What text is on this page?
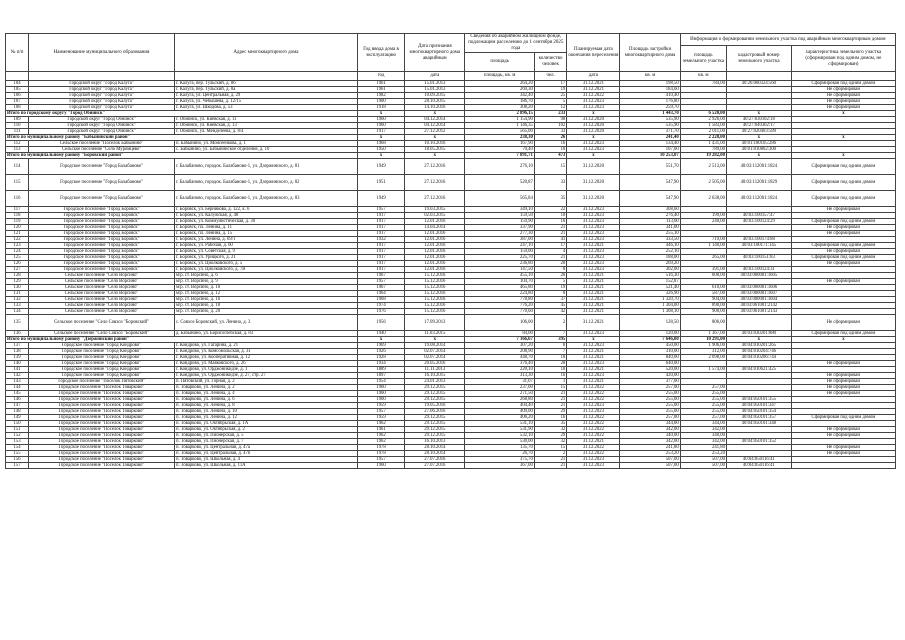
№ п/п	Наименование муниципального образования	Адрес многоквартирного дома	Год ввода дома в эксплуатацию	Дата признания многоквартирного дома аварийным	Сведения об аварийном жилищном фонде, подлежащем расселению до 1 сентября 2025 года		Планируемая дата окончания переселения	Площадь застройки многоквартирного дома	Информация о формировании земельного участка под аварийным многоквартирным домом		
									площадь земельного участка	кадастровый номер земельного участка	характеристика земельного участка (сформирован под одним домом, не сформирован)
					площадь	количество человек					
			год	дата	площадь, кв. м	чел.	дата	кв. м	кв. м		
104	Городской округ "Город Калуга"	г. Калуга, пер. Тульский, д. 8б	1961	15.01.2013	264,20	17	31.12.2021	198,50	784,00	40:26:000324:560	Сформирован под одним домом
105	Городской округ "Город Калуга"	г. Калуга, пер. Тульский, д. 8а	1961	15.01.2013	269,30	19	31.12.2021	184,60			Не сформирован
106	Городской округ "Город Калуга"	г. Калуга, ул. Центральная, д. 29	1982	10.09.2015	342,40	25	31.12.2022	410,40			Не сформирован
107	Городской округ "Город Калуга"	г. Калуга, ул. Чебышева, д. 12/15	1900	28.10.2015	186,70	5	31.12.2023	176,80			Не сформирован
108	Городской округ "Город Калуга"	г. Калуга, ул. Шкодова, д. 53	1918	14.10.2016	308,20	12	31.12.2023	259,70			Не сформирован
Итого по городскому округу "Город Обнинск"			х	х	2 896,15	233	х	1 443,70	6 520,00	х	х
109	Городской округ "Город Обнинск"	г. Обнинск, ул. Киевская, д. 11	1960	04.12.2014	1 154,90	98	31.12.2020	535,90	2 926,00	40:27:030102:18	
110	Городской округ "Город Обнинск"	г. Обнинск, ул. Киевская, д. 13	1960	04.12.2014	1 146,35	102	31.12.2020	535,90	1 583,00	40:27:040302:17	
111	Городской округ "Город Обнинск"	г. Обнинск, ул. Менделеева, д. 8/4	1917	27.12.2012	565,00	33	31.12.2020	371,70	2 011,00	40:27:020403:589	
Итого по муниципальному району "Бабынинский район"			х	х	238,30	26	х	241,40	2 220,00	х	х
112	Сельское поселение "Поселок Бабынино"	п. Бабынино, ул. Моисеенкова, д. 1	1968	10.10.2016	167,90	16	31.12.2023	134,40	1 431,00	40:01:180105:286	
113	Сельское поселение "Село Муромцево"	с. Бабынино, ул. Бабынинское отделение, д. 10	1950	18.05.2015	70,40	10	31.12.2023	107,00	789,00	40:01:010802:300	
Итого по муниципальному району "Боровский район"			х	х	7 891,71	473	х	10 253,07	19 282,00	х	х
114	Городское поселение "Город Балабаново"	г. Балабаново, городок. Балабаново-1, ул. Дзержинского, д. 81	1949	27.12.2016	276,10	15	31.12.2020	551,70	2 513,00	40:03:112001:1824	Сформирован под одним домом
115	Городское поселение "Город Балабаново"	г. Балабаново, городок. Балабаново-1, ул. Дзержинского, д. 82	1951	27.12.2016	520,87	33	31.12.2020	547,90	2 505,00	40:03:112001:1829	Сформирован под одним домом
116	Городское поселение "Город Балабаново"	г. Балабаново, городок. Балабаново-1, ул. Дзержинского, д. 83	1949	27.12.2016	565,84	35	31.12.2020	547,90	2 638,00	40:03:112001:1824	Сформирован под одним домом
117	Городское поселение "Город Боровск"	г. Боровск, ул. Берникова, д. 122, к. 6	1957	19.03.2015	349,10	22	31.12.2023	308,60			Не сформирован
118	Городское поселение "Город Боровск"	г. Боровск, ул. Калужская, д. 48	1917	02.03.2015	159,50	10	31.12.2023	276,40	199,00	40:03:100157:47	
119	Городское поселение "Город Боровск"	г. Боровск, ул. Коммунистическая, д. 30	1917	12.01.2016	159,90	16	31.12.2023	113,60	240,00	40:03:100124:29	Сформирован под одним домом
120	Городское поселение "Город Боровск"	г. Боровск, пл. Ленина, д. 11	1917	14.04.2014	337,90	21	31.12.2023	341,00			Не сформирован
121	Городское поселение "Город Боровск"	г. Боровск, пл. Ленина, д. 15	1917	12.01.2016	277,30	21	31.12.2023	255,10			Не сформирован
122	Городское поселение "Город Боровск"	г. Боровск, ул. Ленина, д. 69/1	1932	12.01.2016	387,00	41	31.12.2023	333,50	719,00	40:03:100174:88	
123	Городское поселение "Город Боровск"	г. Боровск, ул. Рабочая, д. 60	1917	12.01.2016	247,10	17	31.12.2021	446,10	1 140,00	40:03:100171:145	Сформирован под одним домом
124	Городское поселение "Город Боровск"	г. Боровск, ул. Советская, д. 9	1917	12.01.2016	159,00	4	31.12.2023	252,10			Не сформирован
125	Городское поселение "Город Боровск"	г. Боровск, ул. Урицкого, д. 21	1917	12.01.2016	225,70	21	31.12.2023	188,00	265,00	40:03:100151:83	Сформирован под одним домом
126	Городское поселение "Город Боровск"	г. Боровск, ул. Циолковского, д. 5	1917	12.01.2016	236,80	20	31.12.2023	269,20			Не сформирован
127	Городское поселение "Город Боровск"	г. Боровск, ул. Циолковского, д. 7В	1917	12.01.2016	147,50	8	31.12.2023	302,00	391,00	40:03:100124:31	
128	Сельское поселение "Село Ворсино"	м/р. ст. Ворсино, д. 6	1967	15.12.2016	455,10	26	31.12.2021	516,30	608,00	40:03:000001:1605	
129	Сельское поселение "Село Ворсино"	м/р. ст. Ворсино, д. 9	1957	15.12.2016	104,70	5	31.12.2021	152,87			Не сформирован
130	Сельское поселение "Село Ворсино"	м/р. ст. Ворсино, д. 10	1967	15.12.2016	465,80	19	31.12.2021	521,40	610,00	40:03:000001:1606	
131	Сельское поселение "Село Ворсино"	м/р. ст. Ворсино, д. 12	1964	15.12.2016	224,80	8	31.12.2021	326,90	587,00	40:03:000001:1607	
132	Сельское поселение "Село Ворсино"	м/р. ст. Ворсино, д. 16	1968	15.12.2016	778,80	37	31.12.2021	1 320,70	904,00	40:03:000001:1604	
133	Сельское поселение "Село Ворсино"	м/р. ст. Ворсино, д. 18	1974	15.12.2016	776,20	45	31.12.2021	1 304,00	890,00	40:03:061001:2142	
134	Сельское поселение "Село Ворсино"	м/р. ст. Ворсино, д. 20	1976	15.12.2016	770,60	42	31.12.2021	1 308,10	900,00	40:03:061001:2143	
135	Сельское поселение "Село Совхоз "Боровский"	с. Совхоз Боровский, ул. Ленина, д. 3	1956	17.09.2013	106,00	2	31.12.2021	128,50	806,00		Не сформирован
136	Сельское поселение "Село Совхоз "Боровский"	д. Бабынино, ул. Борисоглебская, д. 83	1940	11.03.2015	84,00	7	31.12.2023	120,00	1 367,00	40:03:030201:880	Сформирован под одним домом
Итого по муниципальному району "Дзержинский район"			х	х	7 166,67	395	х	7 646,00	10 291,00	х	х
137	Городское поселение "Город Кондрово"	г. Кондрово, ул. Гагарина, д. 21	1969	19.08.2014	307,20	8	31.12.2023	450,00	1 906,00	40:04:010201:265	
138	Городское поселение "Город Кондрово"	г. Кондрово, ул. Комсомольская, д. 31	1926	02.07.2014	208,90	7	31.12.2021	310,00	312,00	40:04:010204:746	
139	Городское поселение "Город Кондрово"	г. Кондрово, ул. Кооперативная, д. 12	1928	02.07.2014	448,70	18	31.12.2021	840,00	2 098,00	40:04:010206:744	
140	Городское поселение "Город Кондрово"	г. Кондрово, ул. Маяковского, д. 26	1934	20.05.2016	376,40	28	31.12.2023	640,00			Не сформирован
141	Городское поселение "Город Кондрово"	г. Кондрово, ул. Орджоникидзе, д. 1	1889	11.11.2013	220,10	10	31.12.2021	520,00	1 574,00	40:04:010621:425	
142	Городское поселение "Город Кондрово"	г. Кондрово, ул. Орджоникидзе, д. 27, стр. 27	1897	16.10.2015	313,30	16	31.12.2023	420,00			Не сформирован
143	Городское поселение "Поселок Пятовский"	п. Пятовский, ул. Горная, д. 2	1954	24.01.2013	31,07	1	31.12.2021	377,00			Не сформирован
144	Городское поселение "Поселок Товарково"	п. Товарково, ул. Ленина, д. 2	1960	29.12.2015	237,00	15	31.12.2022	257,00	257,00		Не сформирован
145	Городское поселение "Поселок Товарково"	п. Товарково, ул. Ленина, д. 4	1960	29.12.2015	271,50	21	31.12.2022	255,00	255,00		Не сформирован
146	Городское поселение "Поселок Товарково"	п. Товарково, ул. Ленина, д. 6	1960	29.12.2015	268,80	21	31.12.2022	255,00	255,00	40:04:050101:355	
147	Городское поселение "Поселок Товарково"	п. Товарково, ул. Ленина, д. 8	1959	19.05.2016	404,40	21	31.12.2023	255,00	255,00	40:04:050101:347	
148	Городское поселение "Поселок Товарково"	п. Товарково, ул. Ленина, д. 10	1957	27.06.2016	409,00	29	31.12.2023	255,00	255,00	40:04:050101:354	
149	Городское поселение "Поселок Товарково"	п. Товарково, ул. Ленина, д. 12	1959	29.12.2015	406,20	16	31.12.2022	257,00	257,00	40:04:050101:357	Сформирован под одним домом
150	Городское поселение "Поселок Товарково"	п. Товарково, ул. Октябрьская, д. 1А	1962	29.12.2015	531,10	35	31.12.2022	344,00	344,00	40:04:050101:348	
151	Городское поселение "Поселок Товарково"	п. Товарково, ул. Октябрьская, д. 2	1961	29.12.2015	531,90	32	31.12.2022	342,00	342,00		Не сформирован
152	Городское поселение "Поселок Товарково"	п. Товарково, ул. Пионерская, д. 5	1962	29.12.2015	532,10	29	31.12.2022	340,00	340,00		Не сформирован
153	Городское поселение "Поселок Товарково"	п. Товарково, ул. Пионерская, д. 7	1962	16.10.2013	530,00	32	31.12.2021	342,00	342,00	40:04:050101:352	
154	Городское поселение "Поселок Товарково"	п. Товарково, ул. Центральная, д. 47а	1978	28.10.2014	135,70	15	31.12.2022	241,80	241,80		Не сформирован
155	Городское поселение "Поселок Товарково"	п. Товарково, ул. Центральная, д. 47б	1978	28.10.2014	26,70	2	31.12.2022	253,20	253,20		Не сформирован
156	Городское поселение "Поселок Товарково"	п. Товарково, ул. Школьная, д. 4	1957	27.07.2016	375,70	21	31.12.2023	507,00	507,00	40:04:050116:41	
157	Городское поселение "Поселок Товарково"	п. Товарково, ул. Школьная, д. 11А	1960	27.07.2016	367,00	21	31.12.2023	507,00	507,00	40:04:050116:41	
